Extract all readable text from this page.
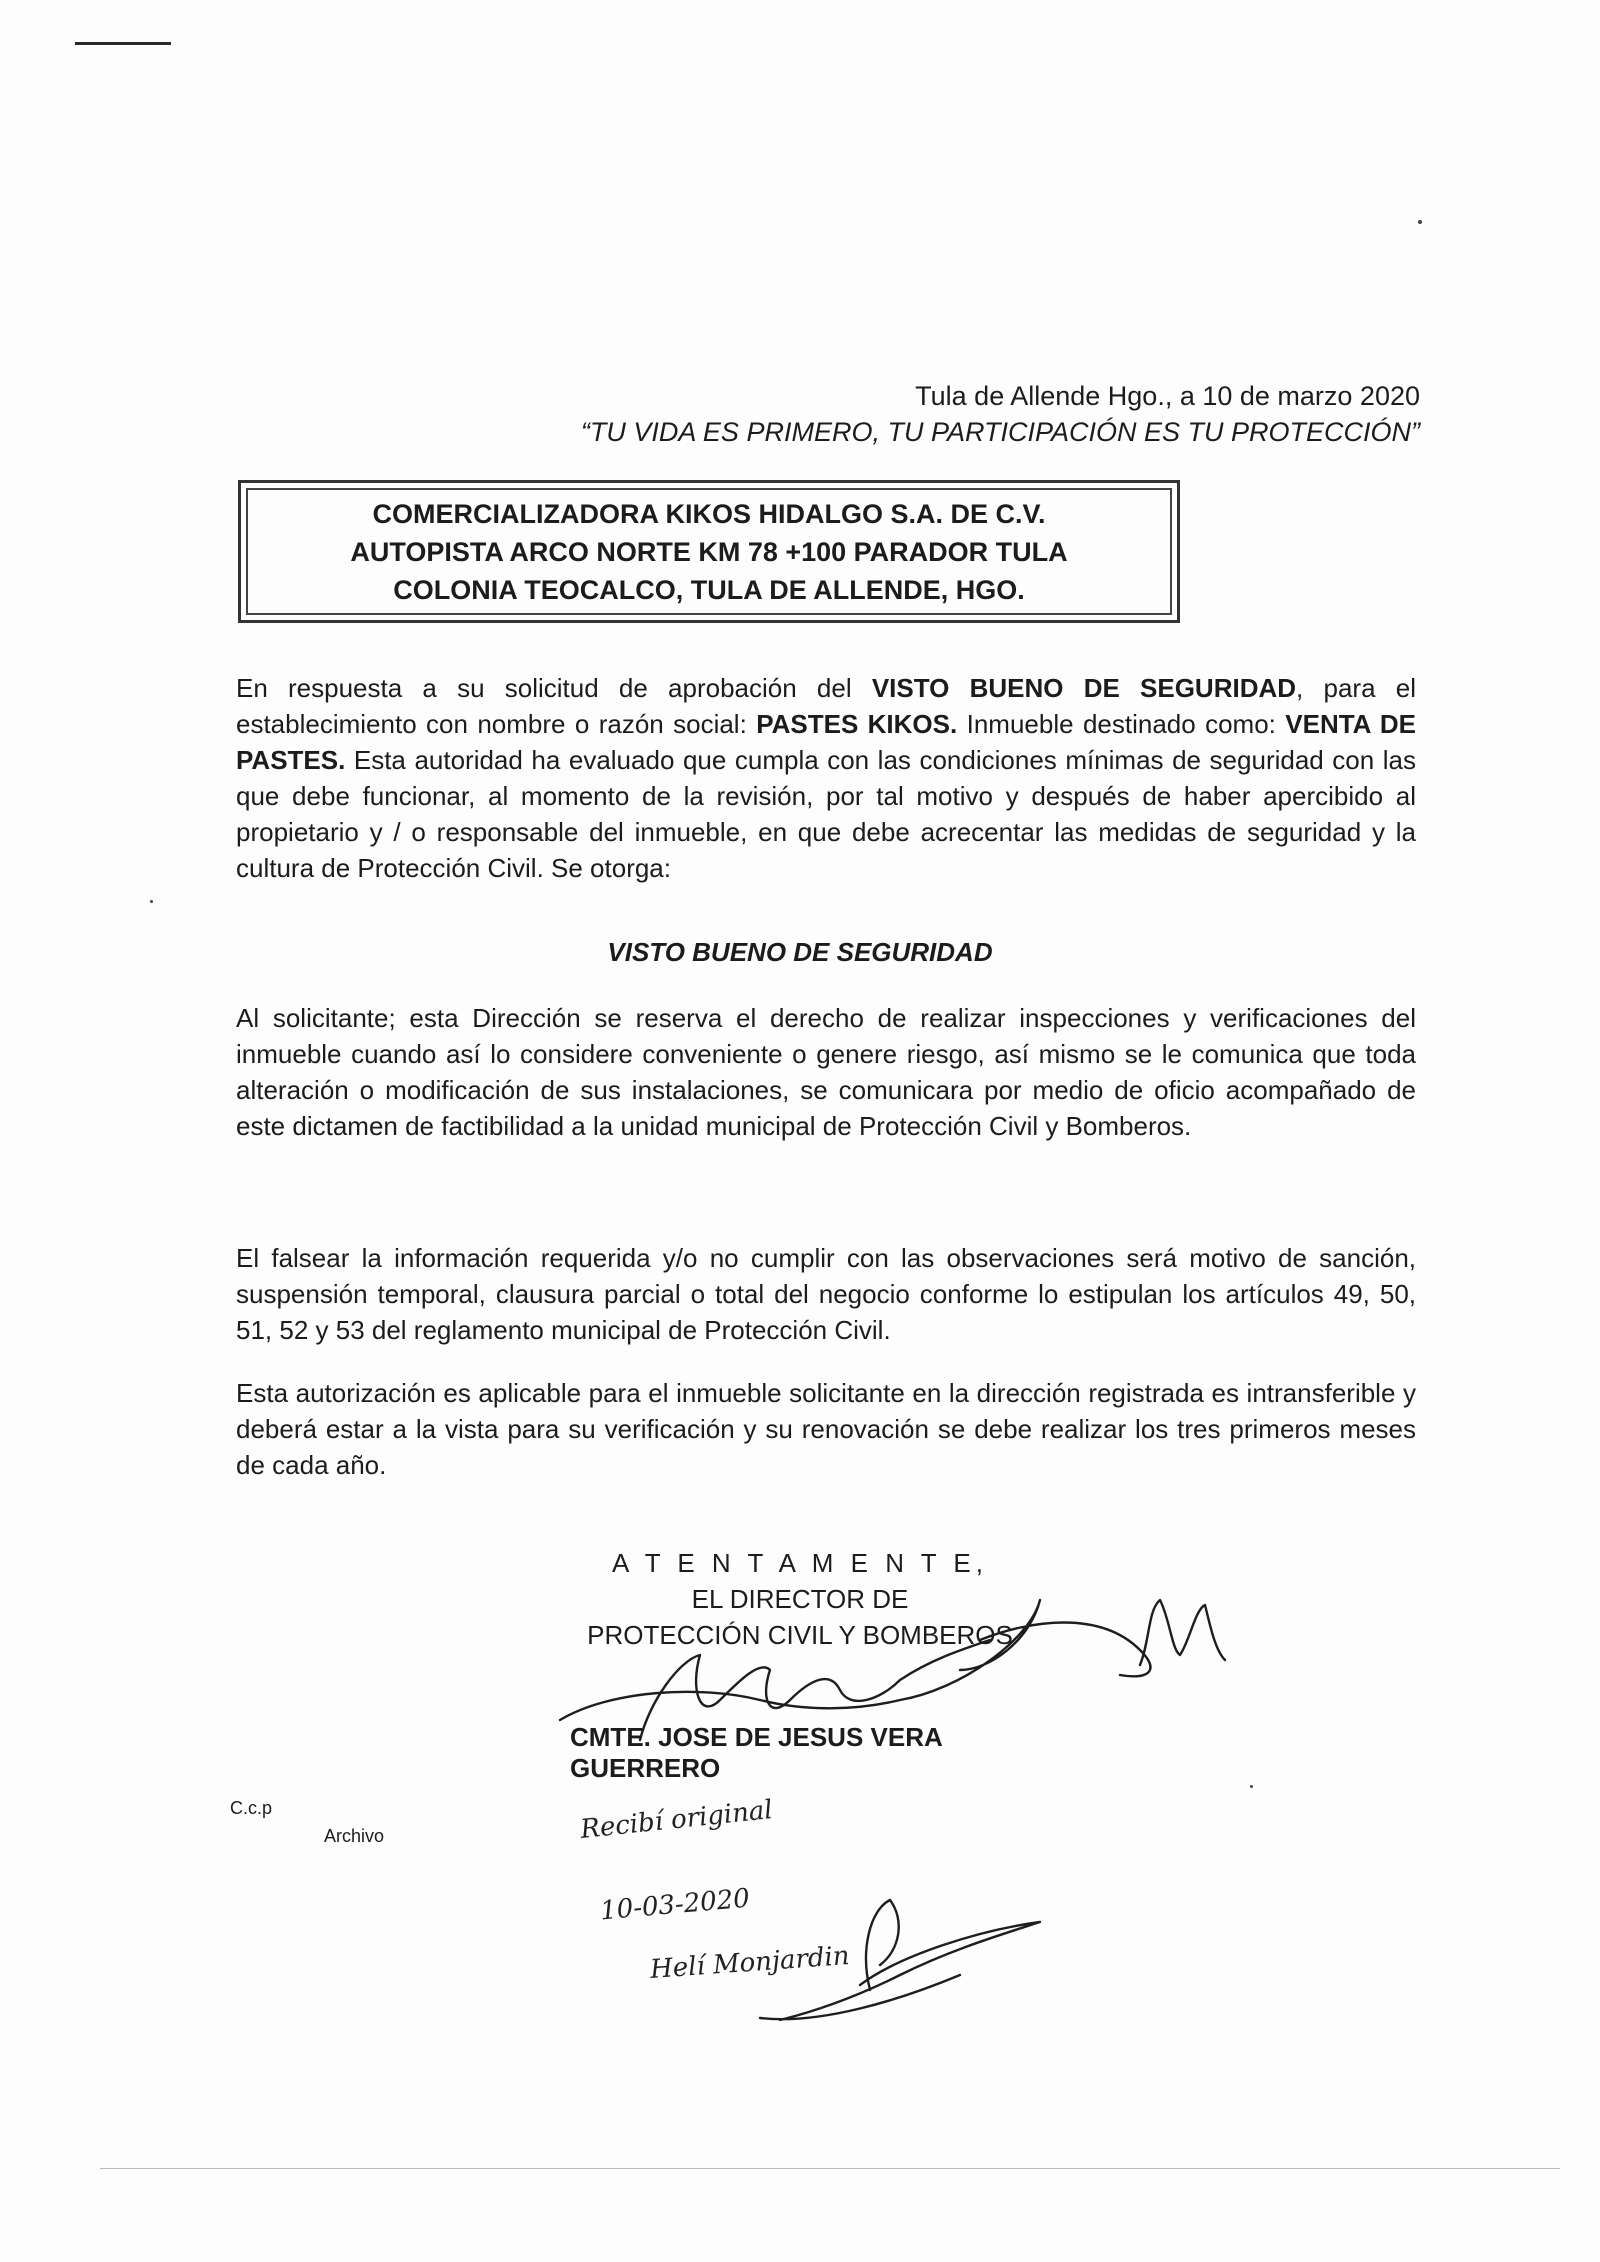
Tula de Allende Hgo., a 10 de marzo 2020
“TU VIDA ES PRIMERO, TU PARTICIPACIÓN ES TU PROTECCIÓN”
COMERCIALIZADORA KIKOS HIDALGO S.A. DE C.V.
AUTOPISTA ARCO NORTE KM 78 +100 PARADOR TULA
COLONIA TEOCALCO, TULA DE ALLENDE, HGO.
En respuesta a su solicitud de aprobación del VISTO BUENO DE SEGURIDAD, para el establecimiento con nombre o razón social: PASTES KIKOS. Inmueble destinado como: VENTA DE PASTES. Esta autoridad ha evaluado que cumpla con las condiciones mínimas de seguridad con las que debe funcionar, al momento de la revisión, por tal motivo y después de haber apercibido al propietario y / o responsable del inmueble, en que debe acrecentar las medidas de seguridad y la cultura de Protección Civil. Se otorga:
VISTO BUENO DE SEGURIDAD
Al solicitante; esta Dirección se reserva el derecho de realizar inspecciones y verificaciones del inmueble cuando así lo considere conveniente o genere riesgo, así mismo se le comunica que toda alteración o modificación de sus instalaciones, se comunicara por medio de oficio acompañado de este dictamen de factibilidad a la unidad municipal de Protección Civil y Bomberos.
El falsear la información requerida y/o no cumplir con las observaciones será motivo de sanción, suspensión temporal, clausura parcial o total del negocio conforme lo estipulan los artículos 49, 50, 51, 52 y 53 del reglamento municipal de Protección Civil.
Esta autorización es aplicable para el inmueble solicitante en la dirección registrada es intransferible y deberá estar a la vista para su verificación y su renovación se debe realizar los tres primeros meses de cada año.
A T E N T A M E N T E,
EL DIRECTOR DE
PROTECCIÓN CIVIL Y BOMBEROS
CMTE. JOSE DE JESUS VERA GUERRERO
C.c.p
Archivo	Recibí original
10-03-2020
Helí Monjardin
